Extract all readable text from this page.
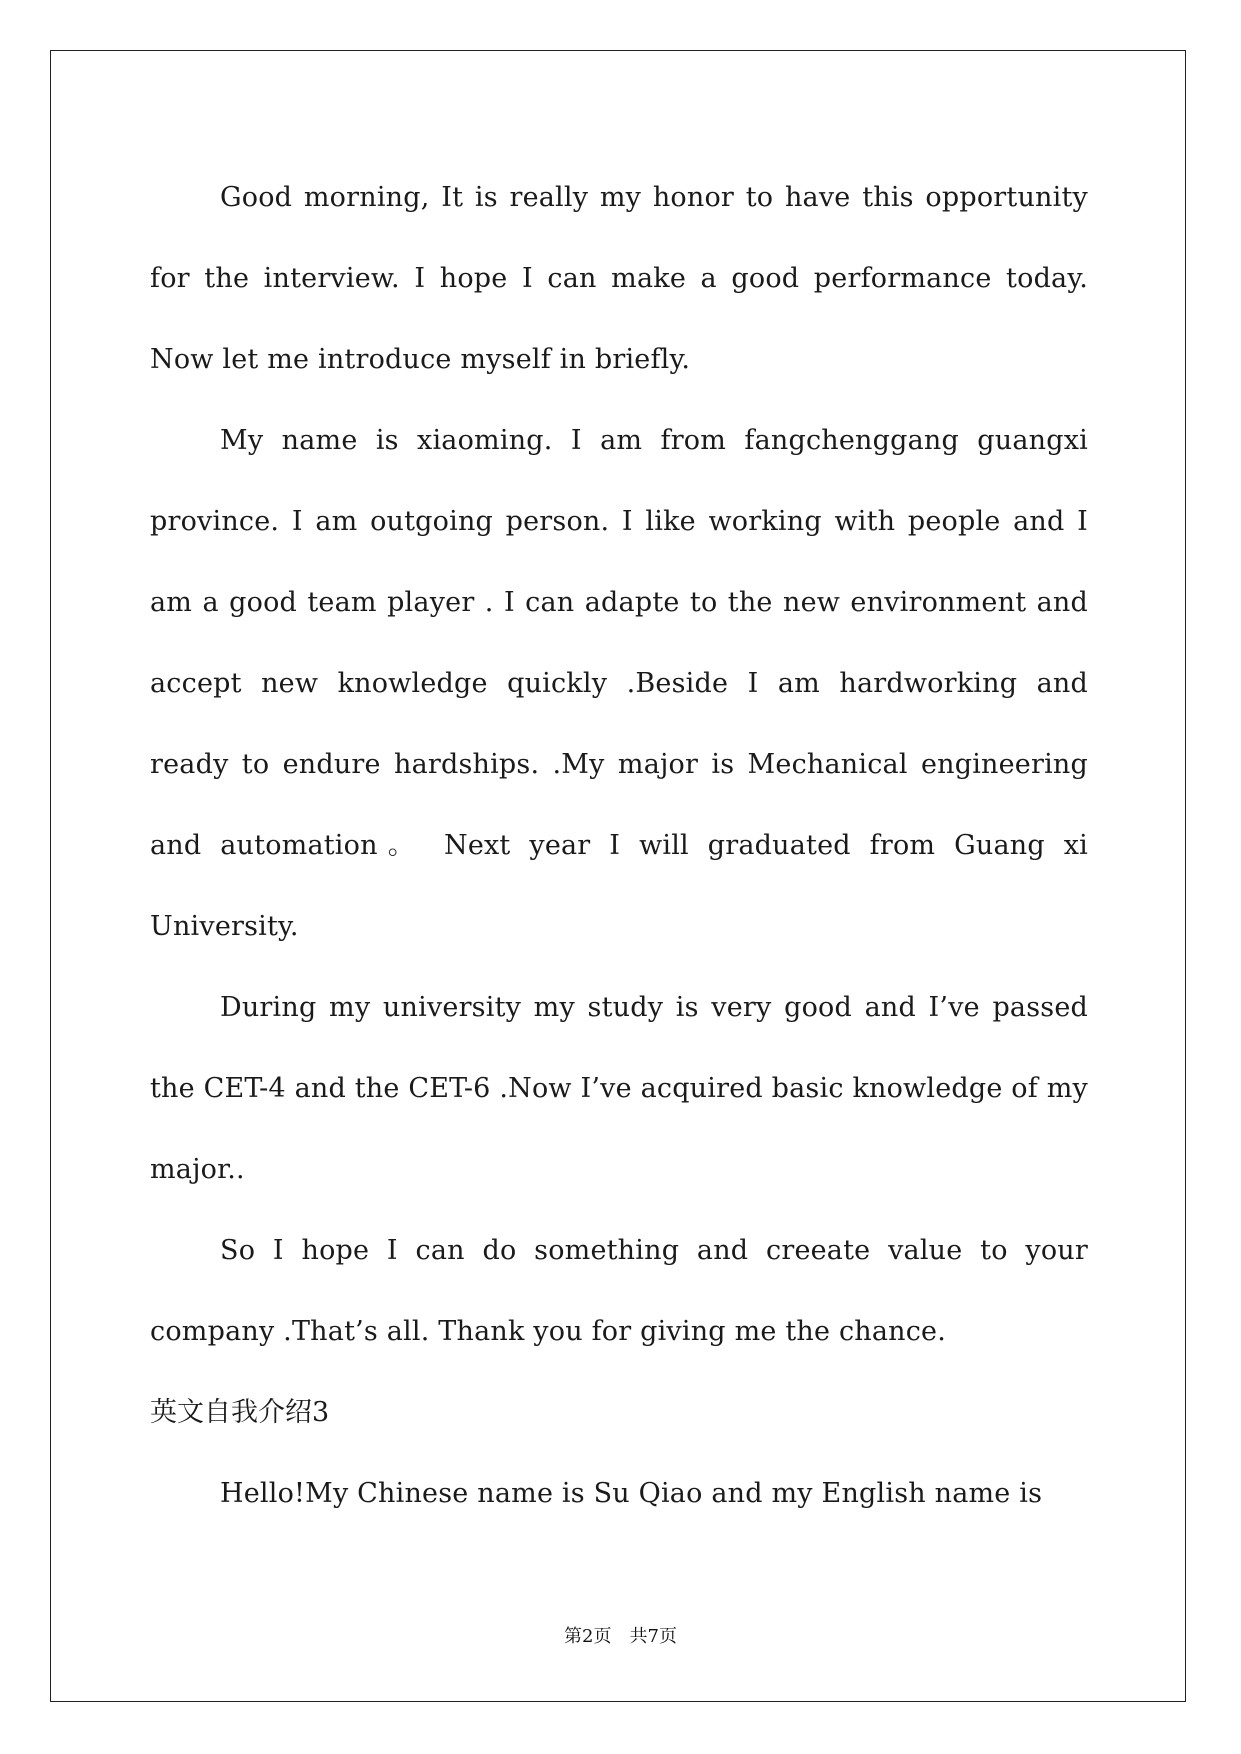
Good morning, It is really my honor to have this opportunity for the interview. I hope I can make a good performance today. Now let me introduce myself in briefly.

My name is xiaoming. I am from fangchenggang guangxi province. I am outgoing person. I like working with people and I am a good team player . I can adapte to the new environment and accept new knowledge quickly .Beside I am hardworking and ready to endure hardships. .My major is Mechanical engineering and automation。 Next year I will graduated from Guang xi University.

During my university my study is very good and I’ve passed the CET-4 and the CET-6 .Now I’ve acquired basic knowledge of my major..

So I hope I can do something and creeate value to your company .That’s all. Thank you for giving me the chance.

英文自我介绍3

Hello!My Chinese name is Su Qiao and my English name is

第2页　共7页
